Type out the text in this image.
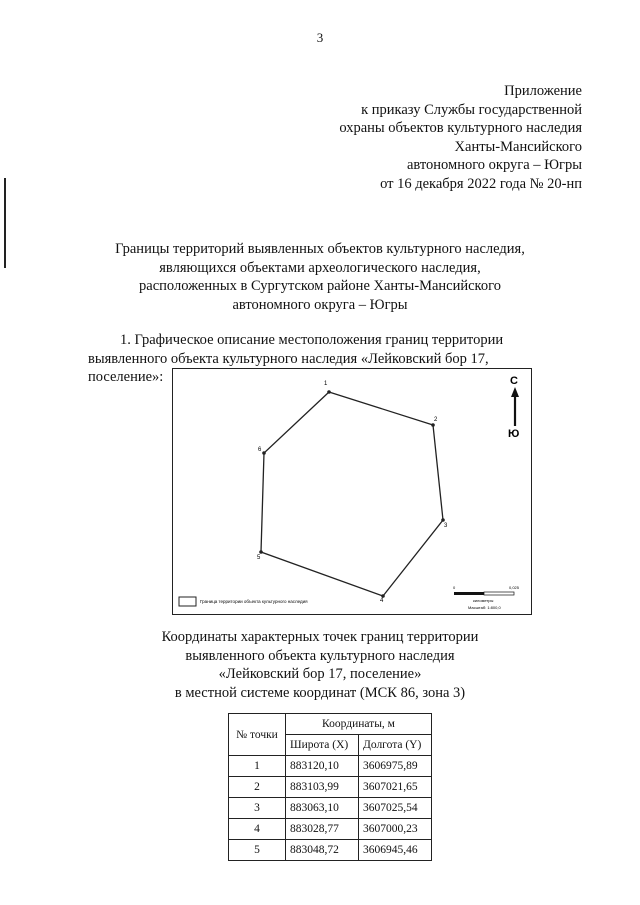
3
Приложение
к приказу Службы государственной
охраны объектов культурного наследия
Ханты-Мансийского
автономного округа – Югры
от 16 декабря 2022 года № 20-нп
Границы территорий выявленных объектов культурного наследия,
являющихся объектами археологического наследия,
расположенных в Сургутском районе Ханты-Мансийского
автономного округа – Югры
1. Графическое описание местоположения границ территории
выявленного объекта культурного наследия «Лейковский бор 17,
поселение»:	1
2
3
4
5
6
С
Ю
Граница территории объекта культурного наследия
0	0,025
километры
Масштаб: 1:800,0
Координаты характерных точек границ территории
выявленного объекта культурного наследия
«Лейковский бор 17, поселение»
в местной системе координат (МСК 86, зона 3)
№ точки	Координаты, м	
	Широта (X)	Долгота (Y)
1	883120,10	3606975,89
2	883103,99	3607021,65
3	883063,10	3607025,54
4	883028,77	3607000,23
5	883048,72	3606945,46
